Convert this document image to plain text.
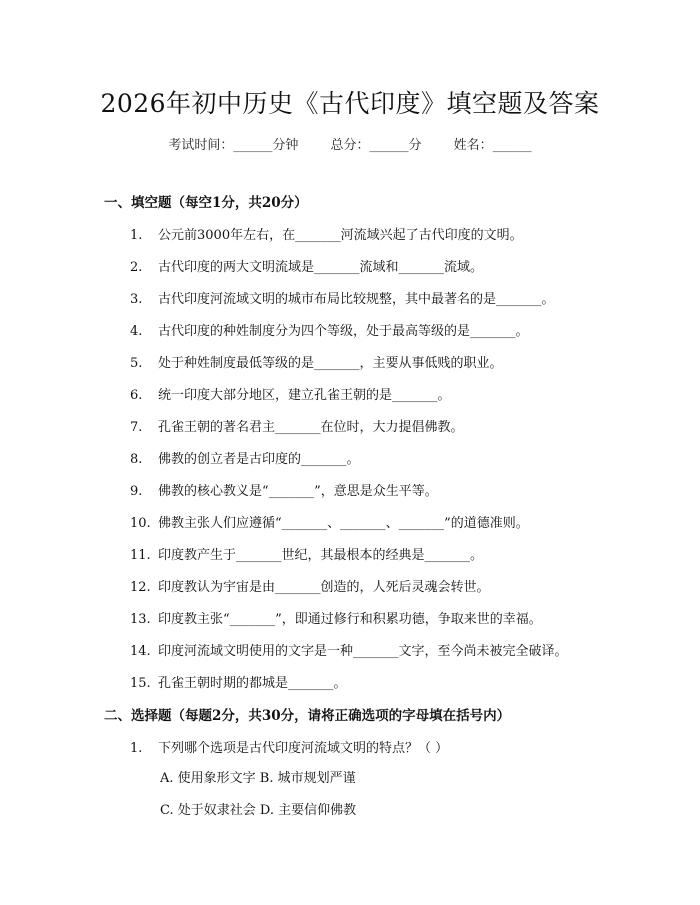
2026年初中历史《古代印度》填空题及答案
考试时间：______分钟 总分：______分 姓名：______
一、填空题（每空1分，共20分）
1. 公元前3000年左右，在_______河流域兴起了古代印度的文明。
2. 古代印度的两大文明流域是_______流域和_______流域。
3. 古代印度河流域文明的城市布局比较规整，其中最著名的是_______。
4. 古代印度的种姓制度分为四个等级，处于最高等级的是_______。
5. 处于种姓制度最低等级的是_______，主要从事低贱的职业。
6. 统一印度大部分地区，建立孔雀王朝的是_______。
7. 孔雀王朝的著名君主_______在位时，大力提倡佛教。
8. 佛教的创立者是古印度的_______。
9. 佛教的核心教义是“_______”，意思是众生平等。
10. 佛教主张人们应遵循“_______、_______、_______”的道德准则。
11. 印度教产生于_______世纪，其最根本的经典是_______。
12. 印度教认为宇宙是由_______创造的，人死后灵魂会转世。
13. 印度教主张“_______”，即通过修行和积累功德，争取来世的幸福。
14. 印度河流域文明使用的文字是一种_______文字，至今尚未被完全破译。
15. 孔雀王朝时期的都城是_______。
二、选择题（每题2分，共30分，请将正确选项的字母填在括号内）
1. 下列哪个选项是古代印度河流域文明的特点？（ ）
A. 使用象形文字 B. 城市规划严谨
C. 处于奴隶社会 D. 主要信仰佛教
